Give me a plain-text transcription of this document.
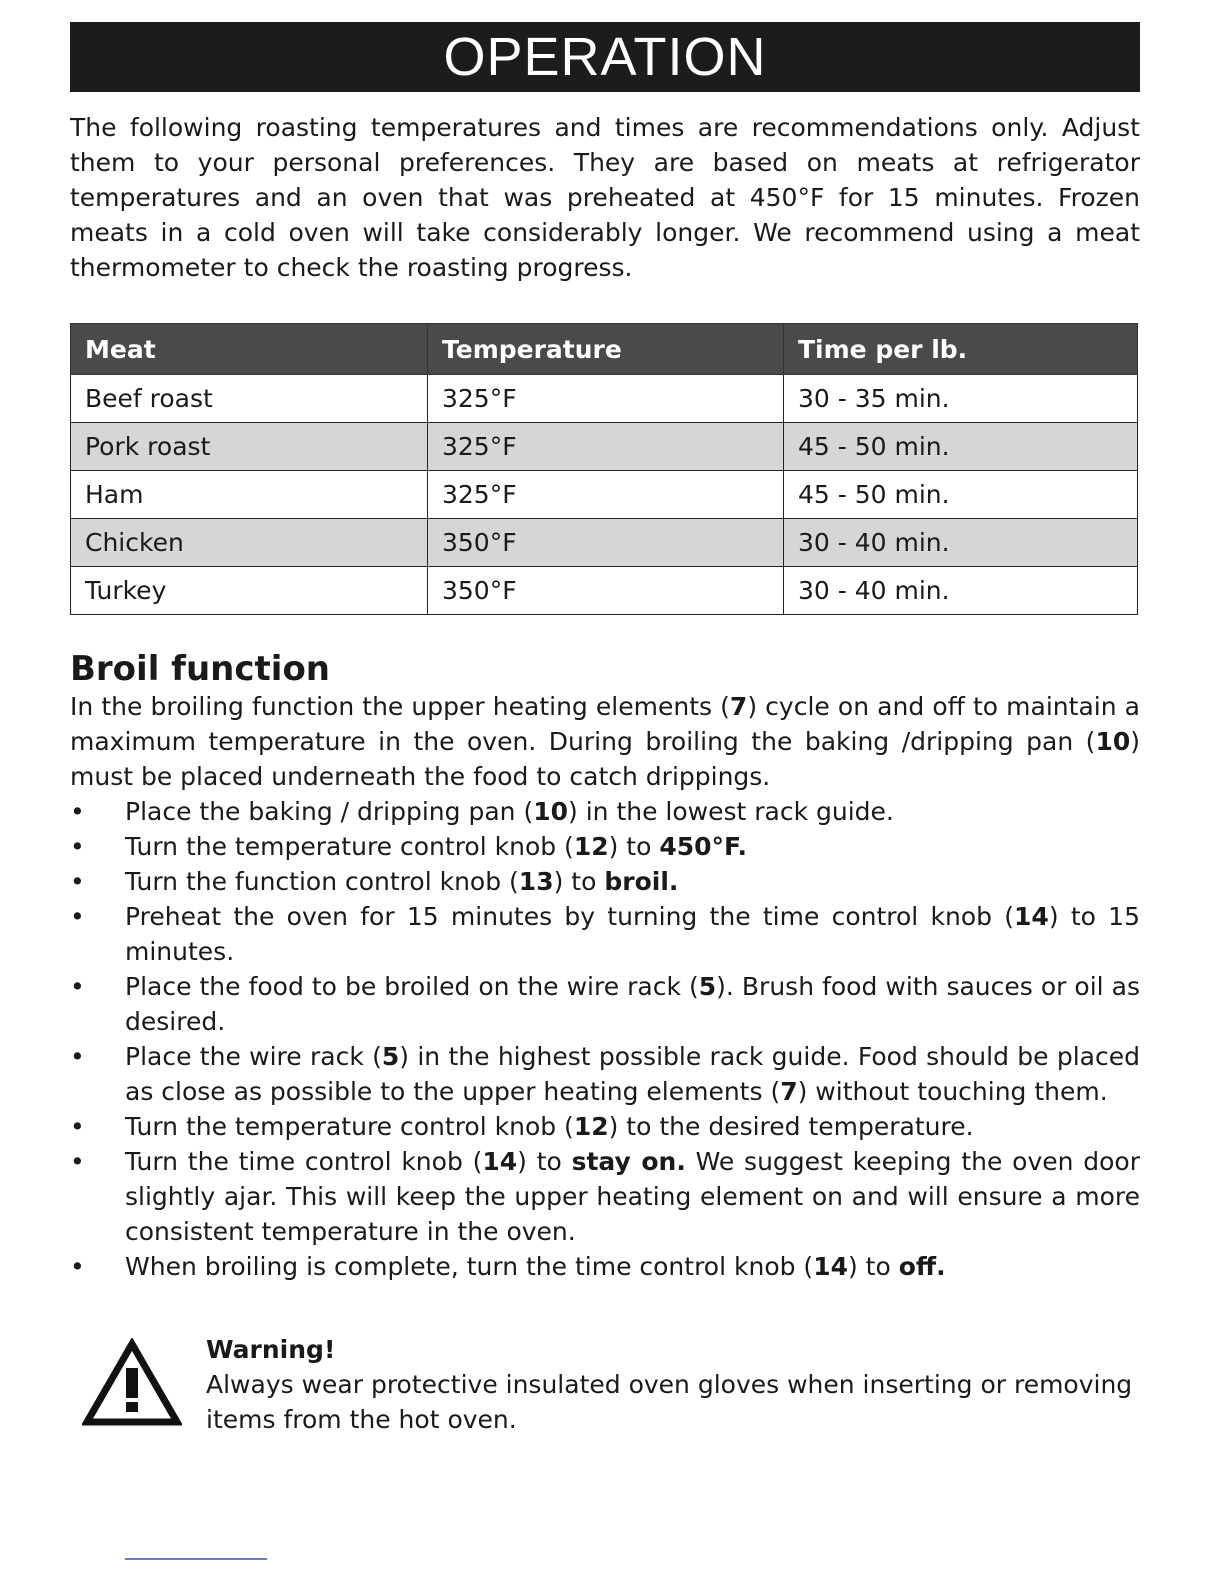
OPERATION

The following roasting temperatures and times are recommendations only. Adjust them to your personal preferences. They are based on meats at refrigerator temperatures and an oven that was preheated at 450°F for 15 minutes. Frozen meats in a cold oven will take considerably longer. We recommend using a meat thermometer to check the roasting progress.

Meat	Temperature	Time per lb.
Beef roast	325°F	30 - 35 min.
Pork roast	325°F	45 - 50 min.
Ham	325°F	45 - 50 min.
Chicken	350°F	30 - 40 min.
Turkey	350°F	30 - 40 min.
Broil function
In the broiling function the upper heating elements (7) cycle on and off to maintain a maximum temperature in the oven. During broiling the baking /dripping pan (10) must be placed underneath the food to catch drippings.
• Place the baking / dripping pan (10) in the lowest rack guide.
• Turn the temperature control knob (12) to 450°F.
• Turn the function control knob (13) to broil.
• Preheat the oven for 15 minutes by turning the time control knob (14) to 15 minutes.
• Place the food to be broiled on the wire rack (5). Brush food with sauces or oil as desired.
• Place the wire rack (5) in the highest possible rack guide. Food should be placed as close as possible to the upper heating elements (7) without touching them.
• Turn the temperature control knob (12) to the desired temperature.
• Turn the time control knob (14) to stay on. We suggest keeping the oven door slightly ajar. This will keep the upper heating element on and will ensure a more consistent temperature in the oven.
• When broiling is complete, turn the time control knob (14) to off.
Warning!
Always wear protective insulated oven gloves when inserting or removing items from the hot oven.
